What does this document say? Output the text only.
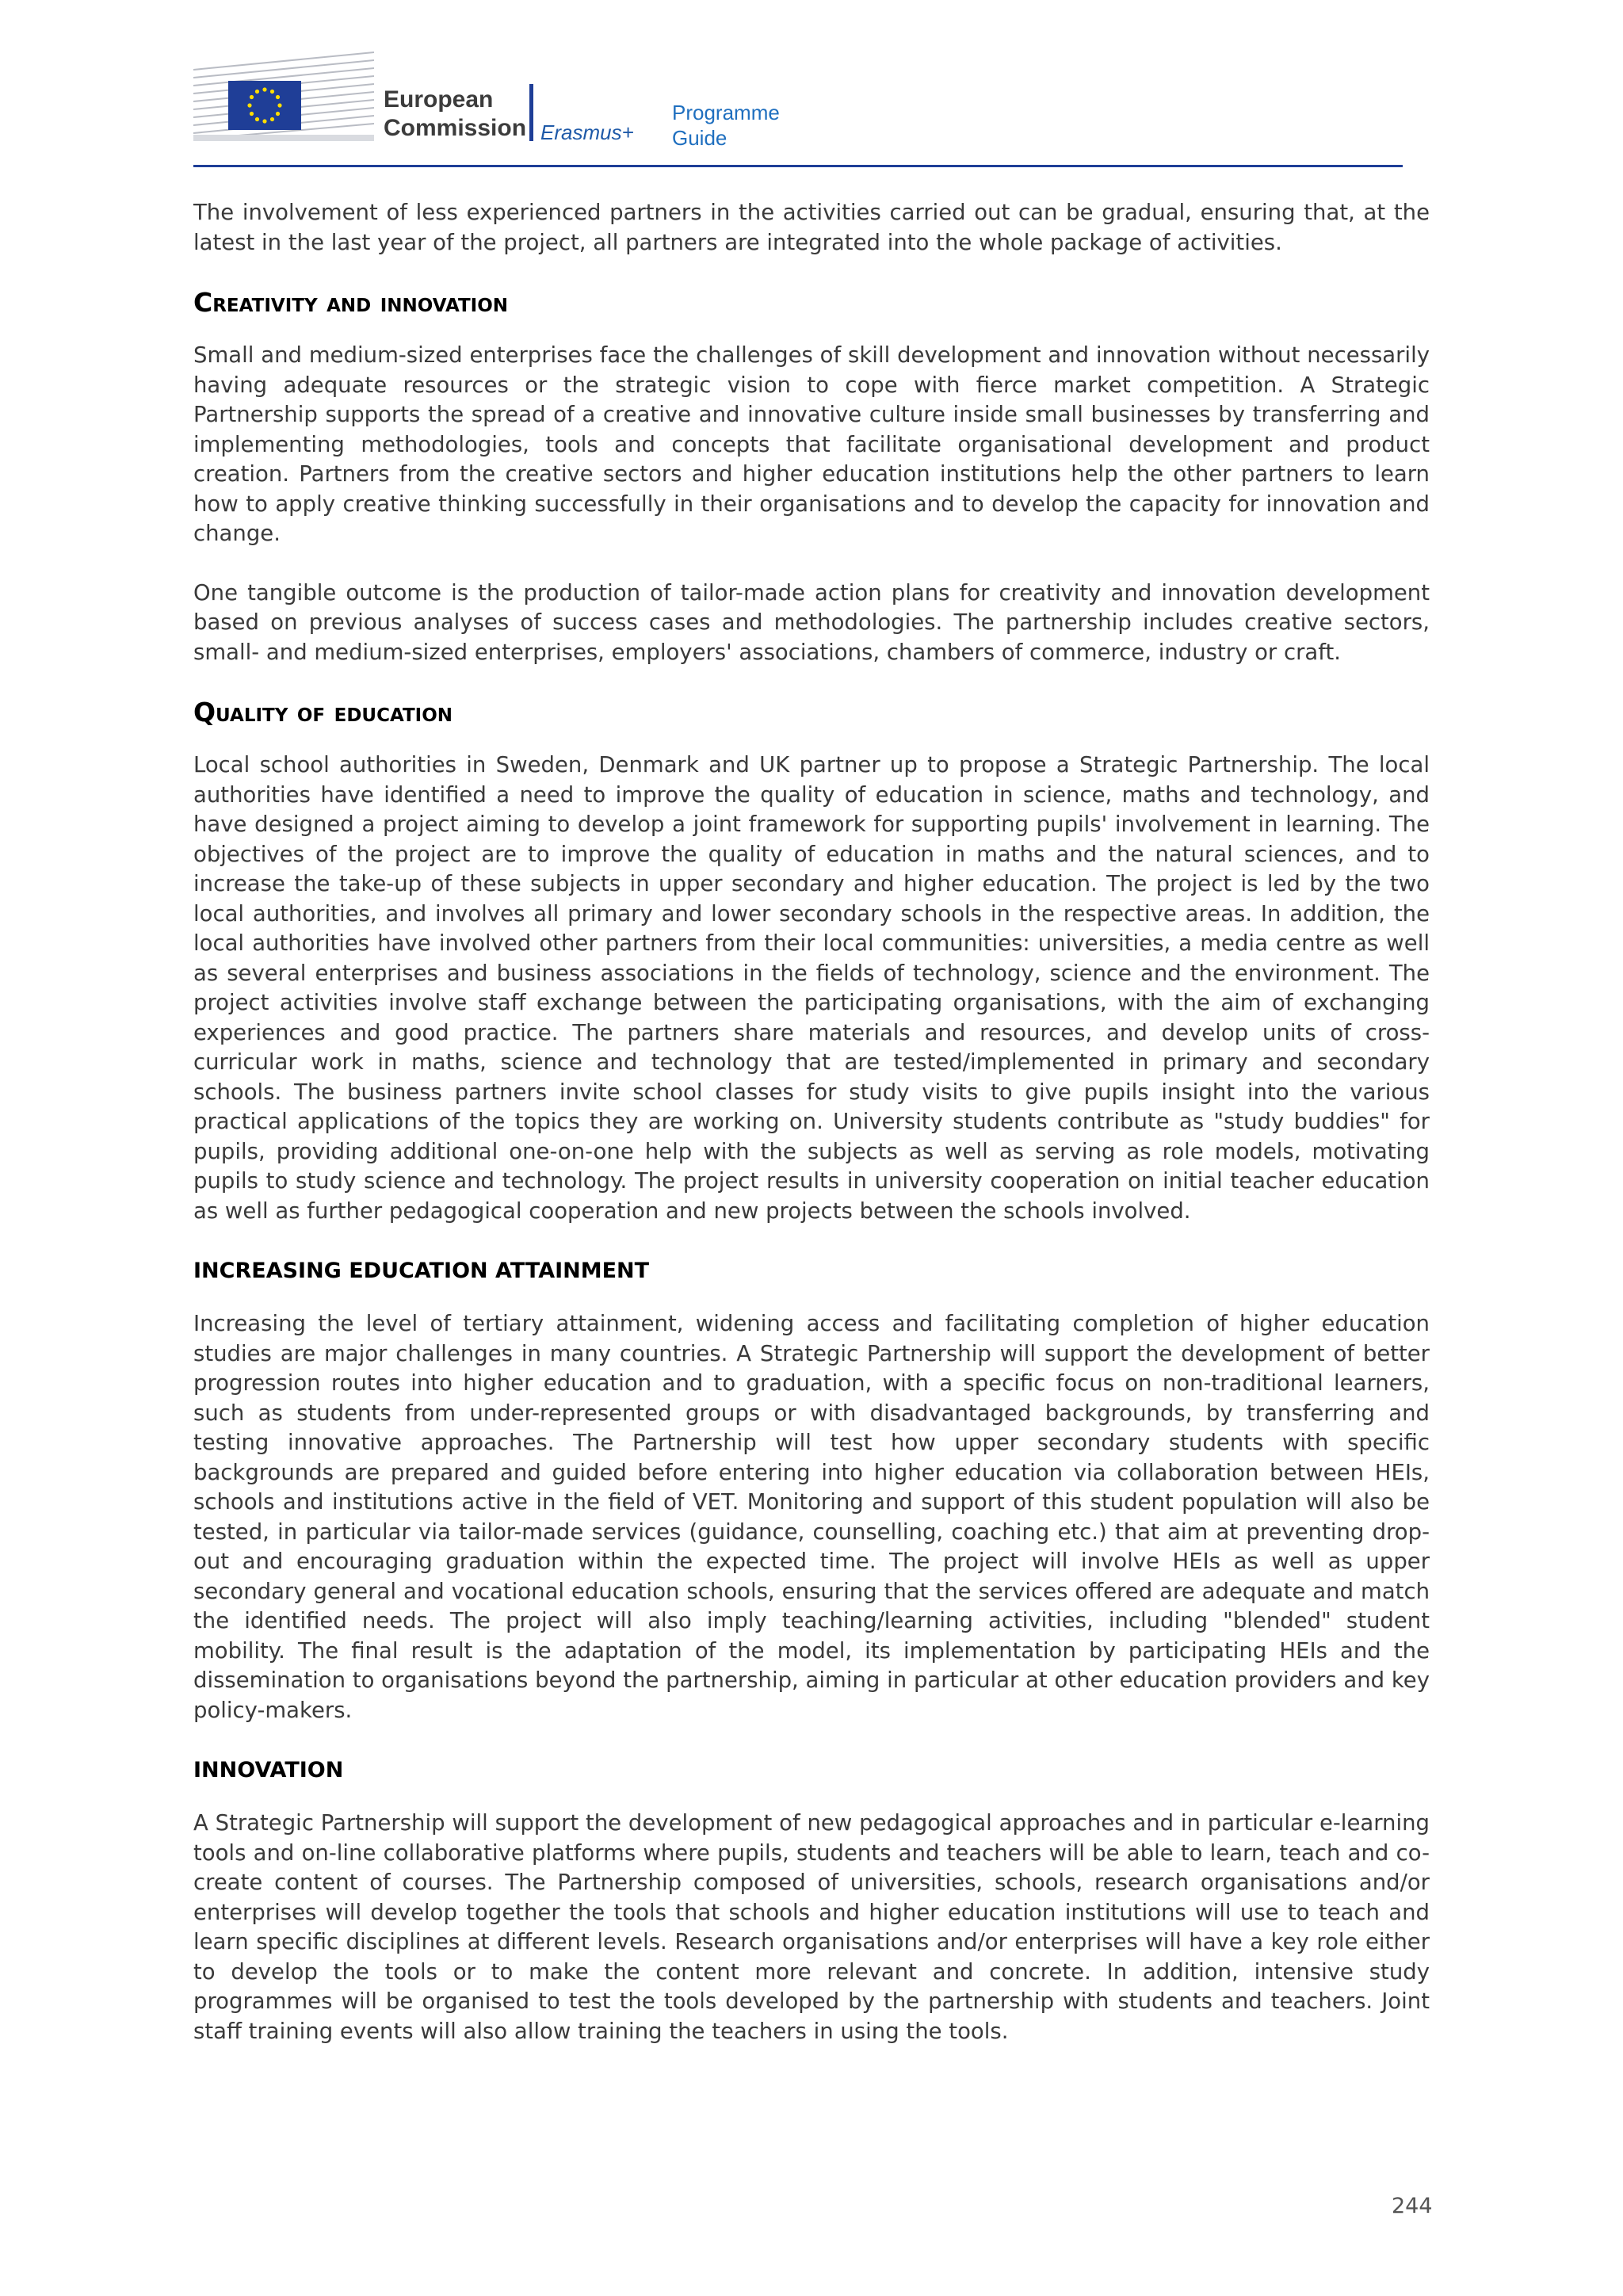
European
Commission Erasmus+
Programme
Guide

The involvement of less experienced partners in the activities carried out can be gradual, ensuring that, at the latest in the last year of the project, all partners are integrated into the whole package of activities.

Creativity and innovation

Small and medium-sized enterprises face the challenges of skill development and innovation without necessarily having adequate resources or the strategic vision to cope with fierce market competition. A Strategic Partnership supports the spread of a creative and innovative culture inside small businesses by transferring and implementing methodologies, tools and concepts that facilitate organisational development and product creation. Partners from the creative sectors and higher education institutions help the other partners to learn how to apply creative thinking successfully in their organisations and to develop the capacity for innovation and change.

One tangible outcome is the production of tailor-made action plans for creativity and innovation development based on previous analyses of success cases and methodologies. The partnership includes creative sectors, small- and medium-sized enterprises, employers' associations, chambers of commerce, industry or craft.

Quality of education

Local school authorities in Sweden, Denmark and UK partner up to propose a Strategic Partnership. The local authorities have identified a need to improve the quality of education in science, maths and technology, and have designed a project aiming to develop a joint framework for supporting pupils' involvement in learning. The objectives of the project are to improve the quality of education in maths and the natural sciences, and to increase the take-up of these subjects in upper secondary and higher education. The project is led by the two local authorities, and involves all primary and lower secondary schools in the respective areas. In addition, the local authorities have involved other partners from their local communities: universities, a media centre as well as several enterprises and business associations in the fields of technology, science and the environment. The project activities involve staff exchange between the participating organisations, with the aim of exchanging experiences and good practice. The partners share materials and resources, and develop units of cross-curricular work in maths, science and technology that are tested/implemented in primary and secondary schools. The business partners invite school classes for study visits to give pupils insight into the various practical applications of the topics they are working on. University students contribute as "study buddies" for pupils, providing additional one-on-one help with the subjects as well as serving as role models, motivating pupils to study science and technology. The project results in university cooperation on initial teacher education as well as further pedagogical cooperation and new projects between the schools involved.

INCREASING EDUCATION ATTAINMENT

Increasing the level of tertiary attainment, widening access and facilitating completion of higher education studies are major challenges in many countries. A Strategic Partnership will support the development of better progression routes into higher education and to graduation, with a specific focus on non-traditional learners, such as students from under-represented groups or with disadvantaged backgrounds, by transferring and testing innovative approaches. The Partnership will test how upper secondary students with specific backgrounds are prepared and guided before entering into higher education via collaboration between HEIs, schools and institutions active in the field of VET. Monitoring and support of this student population will also be tested, in particular via tailor-made services (guidance, counselling, coaching etc.) that aim at preventing drop-out and encouraging graduation within the expected time. The project will involve HEIs as well as upper secondary general and vocational education schools, ensuring that the services offered are adequate and match the identified needs. The project will also imply teaching/learning activities, including "blended" student mobility. The final result is the adaptation of the model, its implementation by participating HEIs and the dissemination to organisations beyond the partnership, aiming in particular at other education providers and key policy-makers.

INNOVATION

A Strategic Partnership will support the development of new pedagogical approaches and in particular e-learning tools and on-line collaborative platforms where pupils, students and teachers will be able to learn, teach and co-create content of courses. The Partnership composed of universities, schools, research organisations and/or enterprises will develop together the tools that schools and higher education institutions will use to teach and learn specific disciplines at different levels. Research organisations and/or enterprises will have a key role either to develop the tools or to make the content more relevant and concrete. In addition, intensive study programmes will be organised to test the tools developed by the partnership with students and teachers. Joint staff training events will also allow training the teachers in using the tools.

244
